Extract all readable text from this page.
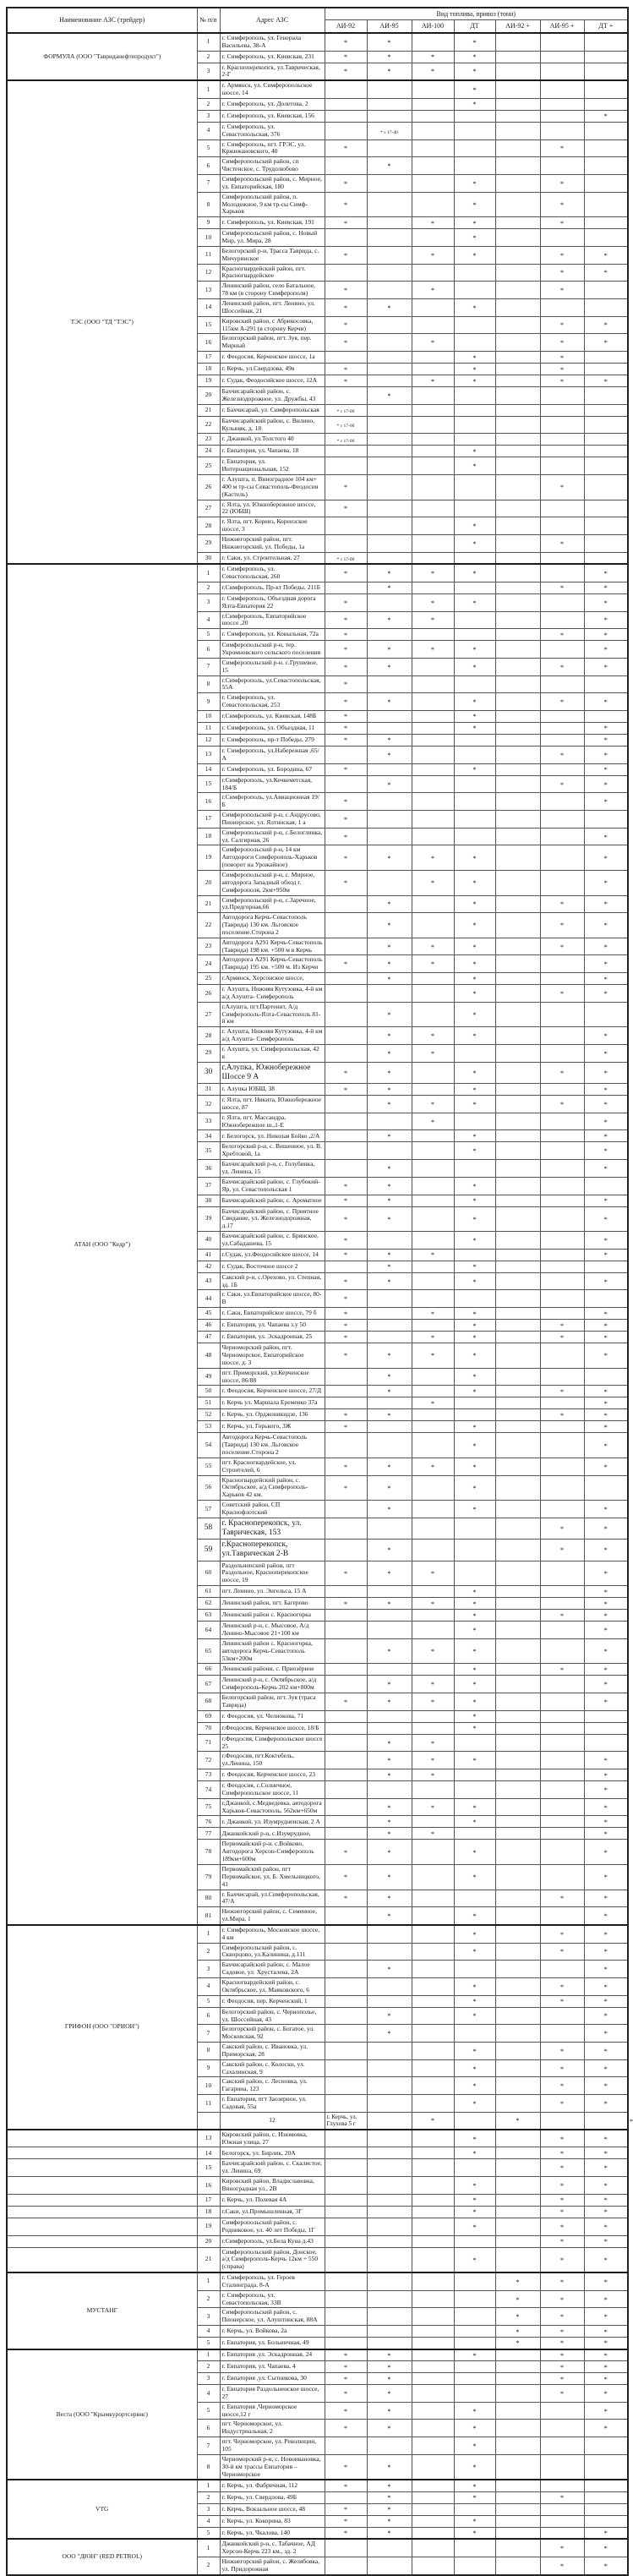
Наименование АЗС (трейдер)	№ п/п	Адрес АЗС	Вид топлива, привоз (тонн)						
			АИ-92	АИ-95	АИ-100	ДТ	АИ-92 +	АИ-95 +	ДТ +
ФОРМУЛА (ООО "Тавриданефтепродукт")	1	г. Симферополь, ул. Генерала Васильева, 38-А	*	*		*			
	2	г. Симферополь, ул. Киевская, 231	*	*	*	*			
	3	г. Красноперекопск, ул.Таврическая, 2-Г	*	*	*	*			
ТЭС (ООО "ТД "ТЭС")	1	г. Армянск, ул. Симферопольское шоссе, 14				*			
	2	г. Симферополь, ул. Долетова, 2				*			
	3	г. Симферополь, ул. Киевская, 156							*
	4	г. Симферополь, ул. Севастопольская, 376		* с 17-40					
	5	г. Симферополь, пгт. ГРЭС, ул. Кржижановского, 40	*					*	
	6	Симферопольский район, сп Чистенское, с. Трудолюбово		*					
	7	Симферопольский район, с. Мирное, ул. Евпаторийская, 180	*			*		*	
	8	Симферопольский район, п. Молодежное, 9 км тр-сы Симф-Харьков	*			*		*	
	9	г. Симферополь, ул. Киевская, 191	*		*	*		*	
	10	Симферопольский район, с. Новый Мир, ул. Мира, 28				*			
	11	Белогорский р-н, Трасса Таврида, с. Мичуринское	*		*	*		*	*
	12	Красногвардейский район, пгт. Красногвардейское						*	*
	13	Ленинский район, село Батальное, 78 км (в сторону Симферополя)	*		*			*	
	14	Ленинский район, пгт. Ленино, ул. Шоссейная, 21	*	*		*			
	15	Кировский район, с Абрикосовка, 115км А-291 (в сторону Керчи)	*					*	*
	16	Белогорский район, пгт. Зуя, пер. Мирный	*		*			*	*
	17	г. Феодосия, Керченское шоссе, 1а				*		*	
	18	г. Керчь, ул.Свердлова, 49в	*			*		*	
	19	г. Судак, Феодосийское шоссе, 12А	*		*	*		*	*
	20	Бахчисарайский район, с. Железнодорожное, ул. Дружбы, 43		*					
	21	г. Бахчисарай, ул. Симферопольская	* с 17-00						
	22	Бахчисарайский район, с. Вилино, Кулыняк, д. 18	* с 17-00						
	23	г. Джанкой, ул.Толстого 40	* с 17-00						
	24	г. Евпатория, ул. Чапаева, 18				*			
	25	г. Евпатория, ул. Интернациональная, 152				*			
	26	г. Алушта, п. Виноградное 104 км+ 400 м тр-сы Севастополь-Феодосия (Кастель)	*					*	
	27	г. Ялта, ул. Южнобережное шоссе, 22 (ЮБШ)	*						
	28	г. Ялта, пгт. Кореиз, Кореизское шоссе, 3				*			
	29	Нижнегорский район, пгт. Нижнегорский, ул. Победы, 1а				*		*	
	30	г. Саки, ул. Строительная, 27	* с 17-00						
АТАН (ООО "Кедр")	1	г. Симферополь, ул. Севастопольская, 260	*	*	*	*			*
	2	г.Симферополь, Пр-кт Победы, 211Б		*				*	*
	3	г. Симферополь, Объездная дорога Ялта-Евпатория 22	*		*	*			*
	4	г.Симферополь, Евпаторийское шоссе ,20	*	*	*				*
	5	г. Симферополь, ул. Ковыльная, 72а	*					*	*
	6	Симферопольский р-н, тер. Укромновского сельского поселения	*	*	*	*			*
	7	Симферопольский р-н. с.Грушевое, 15	*	*		*		*	*
	8	г.Симферополь, ул.Севастопольская, 55А	*						
	9	г. Симферополь, ул. Севастопольская, 253	*	*		*		*	*
	10	г.Симферополь, ул. Киевская, 148Б	*			*			
	11	г. Симферополь, ул. Объездная, 11	*			*			*
	12	г. Симферополь, пр-т Победы, 279	*	*					*
	13	г. Симферополь, ул.Набережная ,65/А		*				*	*
	14	г. Симферополь, ул. Бородина, 67	*			*			*
	15	г.Симферополь, ул.Кечкеметская, 184/Б		*				*	*
	16	г.Симферополь, ул.Авиационная 19/Б	*						*
	17	Симферопольский р-н, с.Андрусово, Пионерское, ул. Ялтинская, 1 а	*						
	18	Симферопольский р-н, с.Белоглинка, ул. Салгирная, 26	*						*
	19	Симферопольский р-н, 14 км Автодороги Симферополь-Харьков (поворот на Урожайное)	*	*	*	*			*
	20	Симферопольский р-н, с. Мирное, автодорога Западный обход г. Симферополя, 2км+950м	*		*	*			*
	21	Симферопольский р-н, с.Заречное, ул.Предгорная,66		*		*		*	*
	22	Автодорога Керчь-Севастополь (Таврида) 130 км. Льговское поселение.Сторона 2		*		*		*	*
	23	Автодорога А291 Керчь-Севастополь (Таврида) 198 км. +500 м в Керчь		*	*	*		*	*
	24	Автодорога А291 Керчь-Севастополь (Таврида) 195 км. +500 м. Из Керчи	*	*	*	*			*
	25	г.Армянск, Херсонское шоссе,		*		*			*
	26	г. Алушта, Нижняя Кутузовка, 4-й км а/д Алушта- Симферополь				*		*	*
	27	г.Алушта, пгт.Партенит, А/д Симферополь-Ялта-Севастополь 81-й км		*		*			
	28	г. Алушта, Нижняя Кутузовка, 4-й км а/д Алушта- Симферополь		*	*	*			*
	29	г. Алушта, ул. Симферопольская, 42 в		*	*				*
	30	г.Алупка, Южнобережное Шоссе 9 А	*	*		*		*	*
	31	г. Алупка ЮБШ, 38	*	*		*			*
	32	г. Ялта, пгт. Никита, Южнобережное шоссе, 87		*	*	*		*	*
	33	г. Ялта, пгт. Массандра, Южнобережное ш.,1-Е			*				*
	34	г. Белогорск, ул. Николая Бойко ,2/А		*		*			*
	35	Белогорский р-н, с. Вишенное, ул. В. Хребтовой, 1а				*			*
	36	Бахчисарайский р-н, с. Голубинка, ул. Ленина, 15		*					*
	37	Бахчисарайский район, с. Глубокий-Яр, ул. Севастопольская 1	*	*		*			
	38	Бахчисарайский район, с. Ароматное	*	*		*			*
	39	Бахчисарайский район, с. Приятное Свидание, ул. Железнодорожная, д.17	*	*		*			*
	40	Бахчисарайский район, с. Брянское, ул.Сабадашева, 15	*			*			*
	41	г.Судак, ул.Феодосийское шоссе, 14	*	*	*				*
	42	г. Судак, Восточное шоссе 2		*		*			
	43	Сакский р-н, с.Орехово, ул. Степная, зд. 1Б	*	*		*			*
	44	г. Саки, ул.Евпаторийское шоссе, 80-В	*						
	45	г. Саки, Евпаторийское шоссе, 79 б	*		*	*			*
	46	г. Евпатория, ул. Чапаева з.у 50	*			*		*	*
	47	г. Евпатория, ул. Эскадронная, 25	*		*	*		*	*
	48	Черноморский район, пгт. Черноморское, Евпаторийское шоссе, д. 3	*	*	*	*			*
	49	пгт. Приморский, ул.Керченское шоссе, 86/88		*		*			
	50	г. Феодосия, Керченское шоссе, 27/Д		*		*		*	*
	51	г. Керчь ул. Маршала Еременко 37а			*				*
	52	г. Керчь, ул. Орджоникидзе, 136	*	*				*	*
	53	г. Керчь, ул. Горького, 3Ж	*			*			*
	54	Автодорога Керчь-Севастополь (Таврида) 130 км. Льговское поселение.Сторона 2				*			*
	55	пгт. Красногвардейское, ул. Строителей, 6	*	*	*	*			*
	56	Красногвардейский район, с. Октябрьское, а/д Симферополь-Харьков 42 км.	*	*		*			
	57	Советский район, СП Краснофлотский		*		*			*
	58	г. Красноперекопск, ул. Таврическая, 153						*	*
	59	г.Красноперекопск, ул.Таврическая 2-В		*				*	*
	60	Раздольненский район, пгт Раздольное, Красноперекопское шоссе, 19	*	*	*				*
	61	пгт. Ленино, ул. Энгельса, 15 А				*			*
	62	Ленинский район, пгт. Багерово	*	*	*	*			*
	63	Ленинский район с. Красногорка				*		*	*
	64	Ленинский р-н, с. Мысовое, А/д Ленино-Мысовое 21+100 км				*			*
	65	Ленинский район с. Красногорка, автодорога Керчь-Севастополь 53км+200м		*	*	*			*
	66	Ленинский районн, с. Приозёрное				*		*	*
	67	Ленинский р-н, с. Октябрьское, а/д Симферополь-Керчь 202 км+800м		*	*	*			*
	68	Белогорский район, пгт. Зуя (траса Таврида)	*	*	*	*			*
	69	г. Феодосия, ул. Челнокова, 71				*			
	70	г.Феодосия, Керченское шоссе, 18/Б				*			
	71	г.Феодосия, Симферопольское шоссе 25		*	*				
	72	г.Феодосия, пгт.Коктебель, ул.Ленина, 150		*	*	*			*
	73	г. Феодосия, Керченское шоссе, 23		*	*				*
	74	г. Феодосия, с.Солнечное, Симферопольское шоссе, 11							*
	75	г.Джанкой, с.Медведевка, автодорога Харьков-Севастополь, 562км+650м		*	*	*			*
	76	г. Джанкой, ул. Изумрудненская, 2 А		*		*			*
	77	Джанкойский р-н, с.Изумрудное,		*	*				*
	78	Первомайский р-н. с.Войково, Автодорога Херсон-Симферополь 189км+600м	*	*		*			*
	79	Первомайский район, пгт Первомайское, ул. Б. Хмельницкого, 41	*	*		*			*
	80	г. Бахчисарай, ул.Симферопольская, 47/А	*	*				*	*
	81	Нижнегорский район, с. Семенное, ул.Мира, 1		*		*			*
ГРИФОН (ООО "ОРИОН")	1	г. Симферополь, Московское шоссе, 4 км				*		*	*
	2	Симферопольский район, с. Скворцово, ул.Калинина, д.111				*		*	*
	3	Бахчисарайский район, с. Малое Садовое, ул. Хрусталева, 2А		*					*
	4	Красногвардейский район, с. Октябрьское, ул. Маяковского, 6				*		*	*
	5	г. Феодосия, пер. Керченский, 1				*		*	*
	6	Белогорский район, с. Чернополье, ул. Шоссейная, 43		*		*			*
	7	Белогорский район, с. Богатое, ул. Московская, 92		*					*
	8	Сакский район, с. Ивановка, ул. Приморская, 28				*		*	*
	9	Сакский район, с. Колоски, ул. Сахалинская, 9				*		*	*
	10	Сакский район, с. Лесновка, ул. Гагарина, 123				*		*	*
	11	г. Евпатория, пгт Заозерное, ул. Садовая, 55а				*		*	*
		12	г. Керчь, ул. Глухова 5 г		*		*		*

	13	Кировский район, с. Изюмовка, Южная улица, 27				*		*	*
	14	Белогорск, ул. Бирлик, 20А				*		*	*
	15	Бахчисарайский район, с. Скалистое, ул. Ленина, 69						*	*
	16	Кировский район, Владиславовка, Виноградная ул., 2В				*		*	*
	17	г. Керчь, ул. Полевая 4А				*		*	*
	18	г.Саки, ул.Промышленная, 3Г				*		*	*
	19	Симферопольский район, с. Родниковое, ул. 40 лет Победы, 1Г				*		*	*
	20	г.Симферополь, ул.Бела Куна д.43						*	*
	21	Симферопольский район, Донское, а/д Симферополь-Керчь 12км + 550 (справа)				*		*	*
МУСТАНГ	1	г. Симферополь, ул. Героев Сталинграда, 8-А					*	*	*
	2	г. Симферополь, ул. Севастопольская, 33В					*	*	*
	3	Симферопольский район, с. Пионерское, ул. Алуштинская, 88А					*	*	*
	4	г. Керчь, ул. Войкова, 2а					*	*	*
	5	г. Евпатория, ул. Больничная, 49					*	*	*
Веста (ООО "Крымкурортсервис)	1	г. Евпатория ,ул. Эскадронная, 24	*	*		*		*	*
	2	г. Евпатория, ул. Чапаева, 4	*	*				*	*
	3	г. Евпатория ,ул. Сытникова, 30	*	*				*	*
	4	г. Евпатория Раздольненское шоссе, 27	*	*				*	*
	5	г. Евпатория ,Черноморское шоссе,12 г	*	*		*			*
	6	пгт. Черноморское, ул. Индустриальная, 2	*	*		*			*
	7	пгт. Черноморское, ул. Революции, 105				*			
	8	Черноморский р-н, с. Новоивановка, 30-й км трассы Евпатория – Черноморское	*	*		*			
VTG	1	г. Керчь, ул. Фабричная, 112	*	*		*			
	2	г. Керчь, ул. Свердлова, 49Б		*		*		*	
	3	г. Керчь, Вокзальное шоссе, 48	*	*					
	4	г. Керчь, ул. Кокорина, 83	*	*		*			
	5	г. Керчь, ул. Чкалова, 140	*	*		*			*
ООО "ДЮН" (RED PETROL)	1	Джанкойский р-н, с. Табачное, АД Херсон-Керчь 223 км., зд. 2						*	*
	2	Нижнегорский район, с. Желябовка, ул. Придорожная						*	*
